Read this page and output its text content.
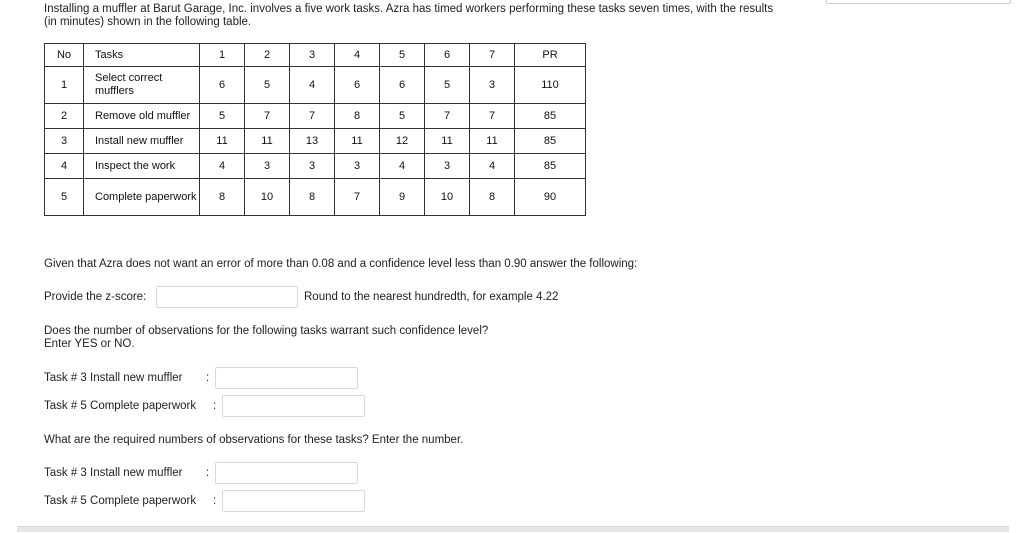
Installing a muffler at Barut Garage, Inc. involves a five work tasks. Azra has timed workers performing these tasks seven times, with the results (in minutes) shown in the following table.
No	Tasks	1	2	3	4	5	6	7	PR
1	Select correct mufflers	6	5	4	6	6	5	3	110
2	Remove old muffler	5	7	7	8	5	7	7	85
3	Install new muffler	11	11	13	11	12	11	11	85
4	Inspect the work	4	3	3	3	4	3	4	85
5	Complete paperwork	8	10	8	7	9	10	8	90
Given that Azra does not want an error of more than 0.08 and a confidence level less than 0.90 answer the following:
Provide the z-score:	Round to the nearest hundredth, for example 4.22
Does the number of observations for the following tasks warrant such confidence level?
Enter YES or NO.
Task # 3 Install new muffler :
Task # 5 Complete paperwork :
What are the required numbers of observations for these tasks? Enter the number.
Task # 3 Install new muffler :
Task # 5 Complete paperwork :
